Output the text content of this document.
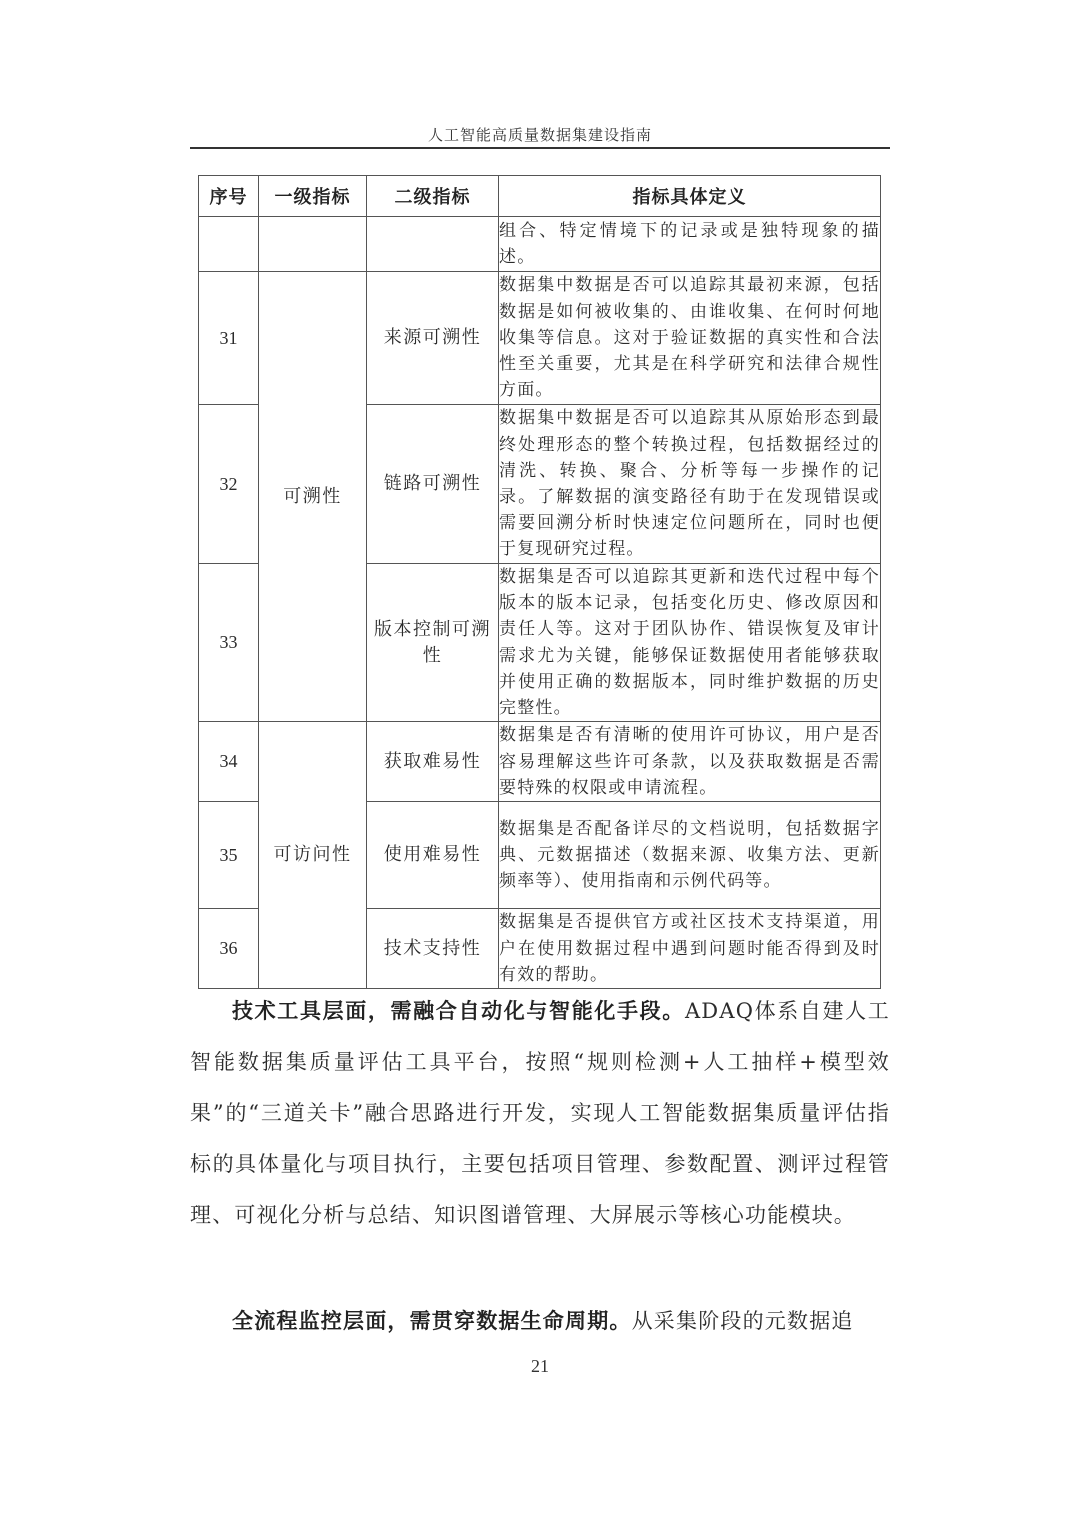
人工智能高质量数据集建设指南
序号	一级指标	二级指标	指标具体定义
			组合、特定情境下的记录或是独特现象的描述。
31	可溯性	来源可溯性	数据集中数据是否可以追踪其最初来源，包括数据是如何被收集的、由谁收集、在何时何地收集等信息。这对于验证数据的真实性和合法性至关重要，尤其是在科学研究和法律合规性方面。
32		链路可溯性	数据集中数据是否可以追踪其从原始形态到最终处理形态的整个转换过程，包括数据经过的清洗、转换、聚合、分析等每一步操作的记录。了解数据的演变路径有助于在发现错误或需要回溯分析时快速定位问题所在，同时也便于复现研究过程。
33		版本控制可溯性	数据集是否可以追踪其更新和迭代过程中每个版本的版本记录，包括变化历史、修改原因和责任人等。这对于团队协作、错误恢复及审计需求尤为关键，能够保证数据使用者能够获取并使用正确的数据版本，同时维护数据的历史完整性。
34	可访问性	获取难易性	数据集是否有清晰的使用许可协议，用户是否容易理解这些许可条款，以及获取数据是否需要特殊的权限或申请流程。
35		使用难易性	数据集是否配备详尽的文档说明，包括数据字典、元数据描述（数据来源、收集方法、更新频率等）、使用指南和示例代码等。
36		技术支持性	数据集是否提供官方或社区技术支持渠道，用户在使用数据过程中遇到问题时能否得到及时有效的帮助。
技术工具层面，需融合自动化与智能化手段。ADAQ体系自建人工智能数据集质量评估工具平台，按照“规则检测+人工抽样+模型效果”的“三道关卡”融合思路进行开发，实现人工智能数据集质量评估指标的具体量化与项目执行，主要包括项目管理、参数配置、测评过程管理、可视化分析与总结、知识图谱管理、大屏展示等核心功能模块。
全流程监控层面，需贯穿数据生命周期。从采集阶段的元数据追
21
